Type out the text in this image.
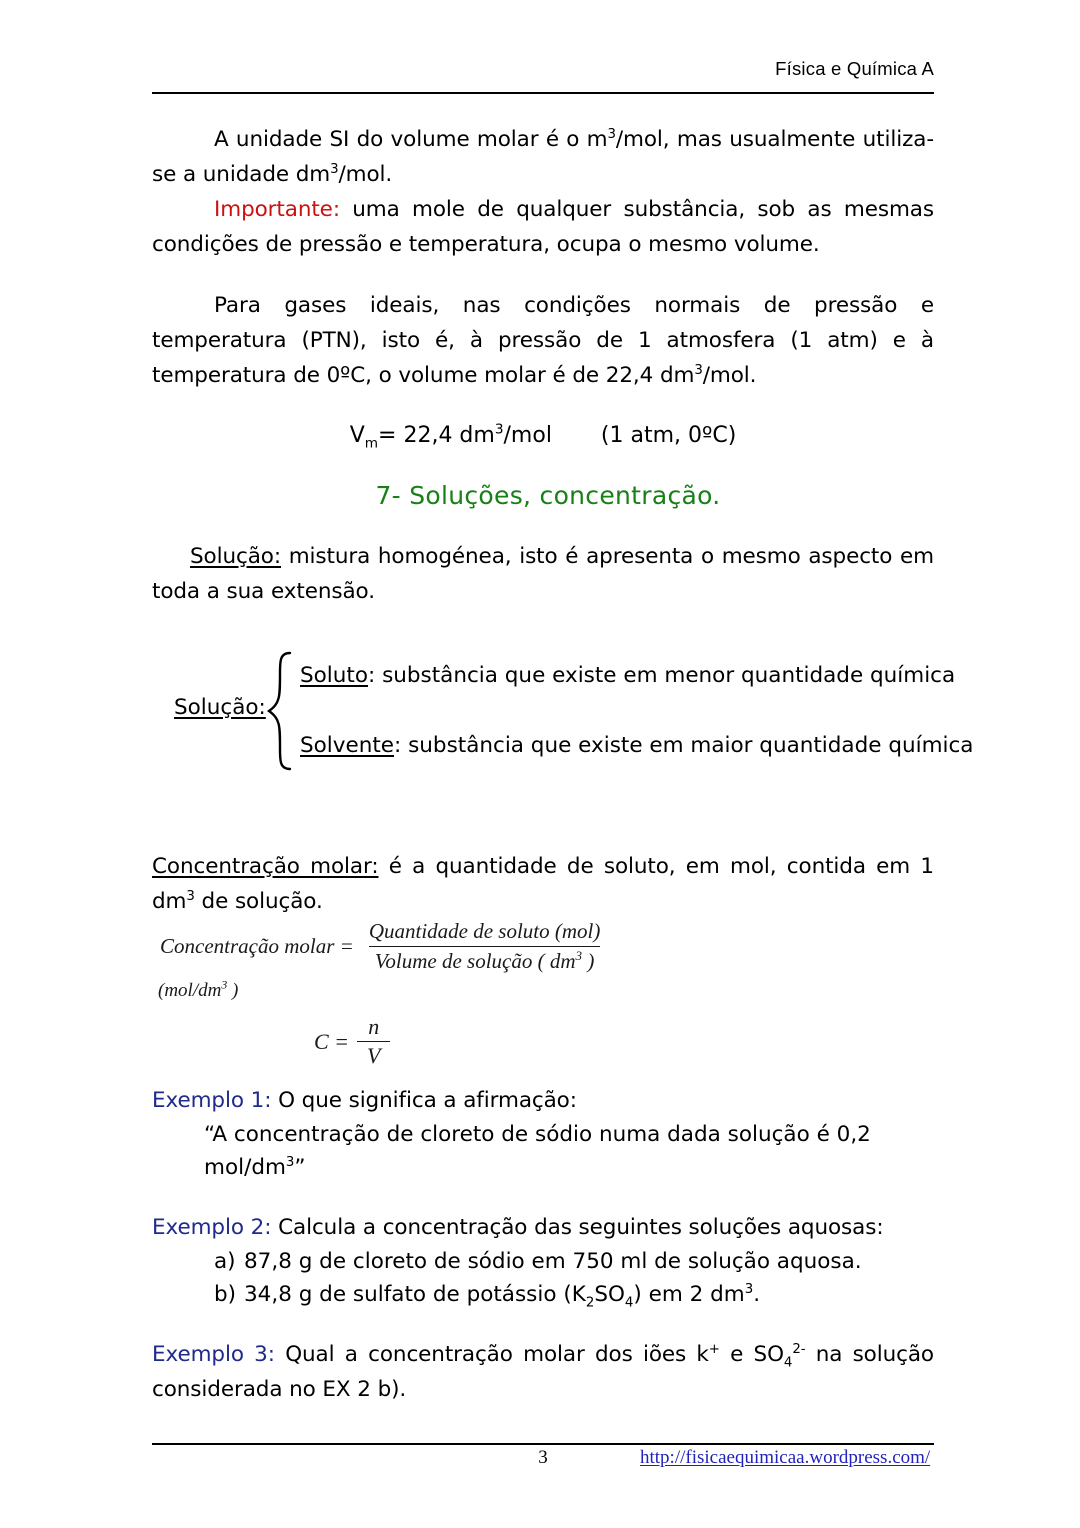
Física e Química A

A unidade SI do volume molar é o $m^3$/mol, mas usualmente utiliza-se a unidade $dm^3$/mol.

Importante: uma mole de qualquer substância, sob as mesmas condições de pressão e temperatura, ocupa o mesmo volume.

Para gases ideais, nas condições normais de pressão e temperatura (PTN), isto é, à pressão de 1 atmosfera (1 atm) e à temperatura de 0ºC, o volume molar é de 22,4 $dm^3$/mol.

$V_m= 22,4$ $dm^3$/mol (1 atm, 0ºC)
7- Soluções, concentração.

Solução: mistura homogénea, isto é apresenta o mesmo aspecto em toda a sua extensão.

Solução:
Soluto: substância que existe em menor quantidade química
Solvente: substância que existe em maior quantidade química

Concentração molar: é a quantidade de soluto, em mol, contida em 1 $dm^3$ de solução.

Concentração molar = $\frac{\text{Quantidade de soluto (mol)}}{Volume de solução ( dm^3 )}$
($mol/dm^3$ )
$C = \frac{n}{V}$

Exemplo 1: O que significa a afirmação:

“A concentração de cloreto de sódio numa dada solução é 0,2 mol/$dm^3$”

Exemplo 2: Calcula a concentração das seguintes soluções aquosas:

a) 87,8 g de cloreto de sódio em 750 ml de solução aquosa.
b) 34,8 g de sulfato de potássio $(K_2SO_4)$ em 2 $dm^3$.

Exemplo 3: Qual a concentração molar dos iões k+ e $SO_4^{2-}$ na solução considerada no EX 2 b).

3	http://fisicaequimicaa.wordpress.com/
